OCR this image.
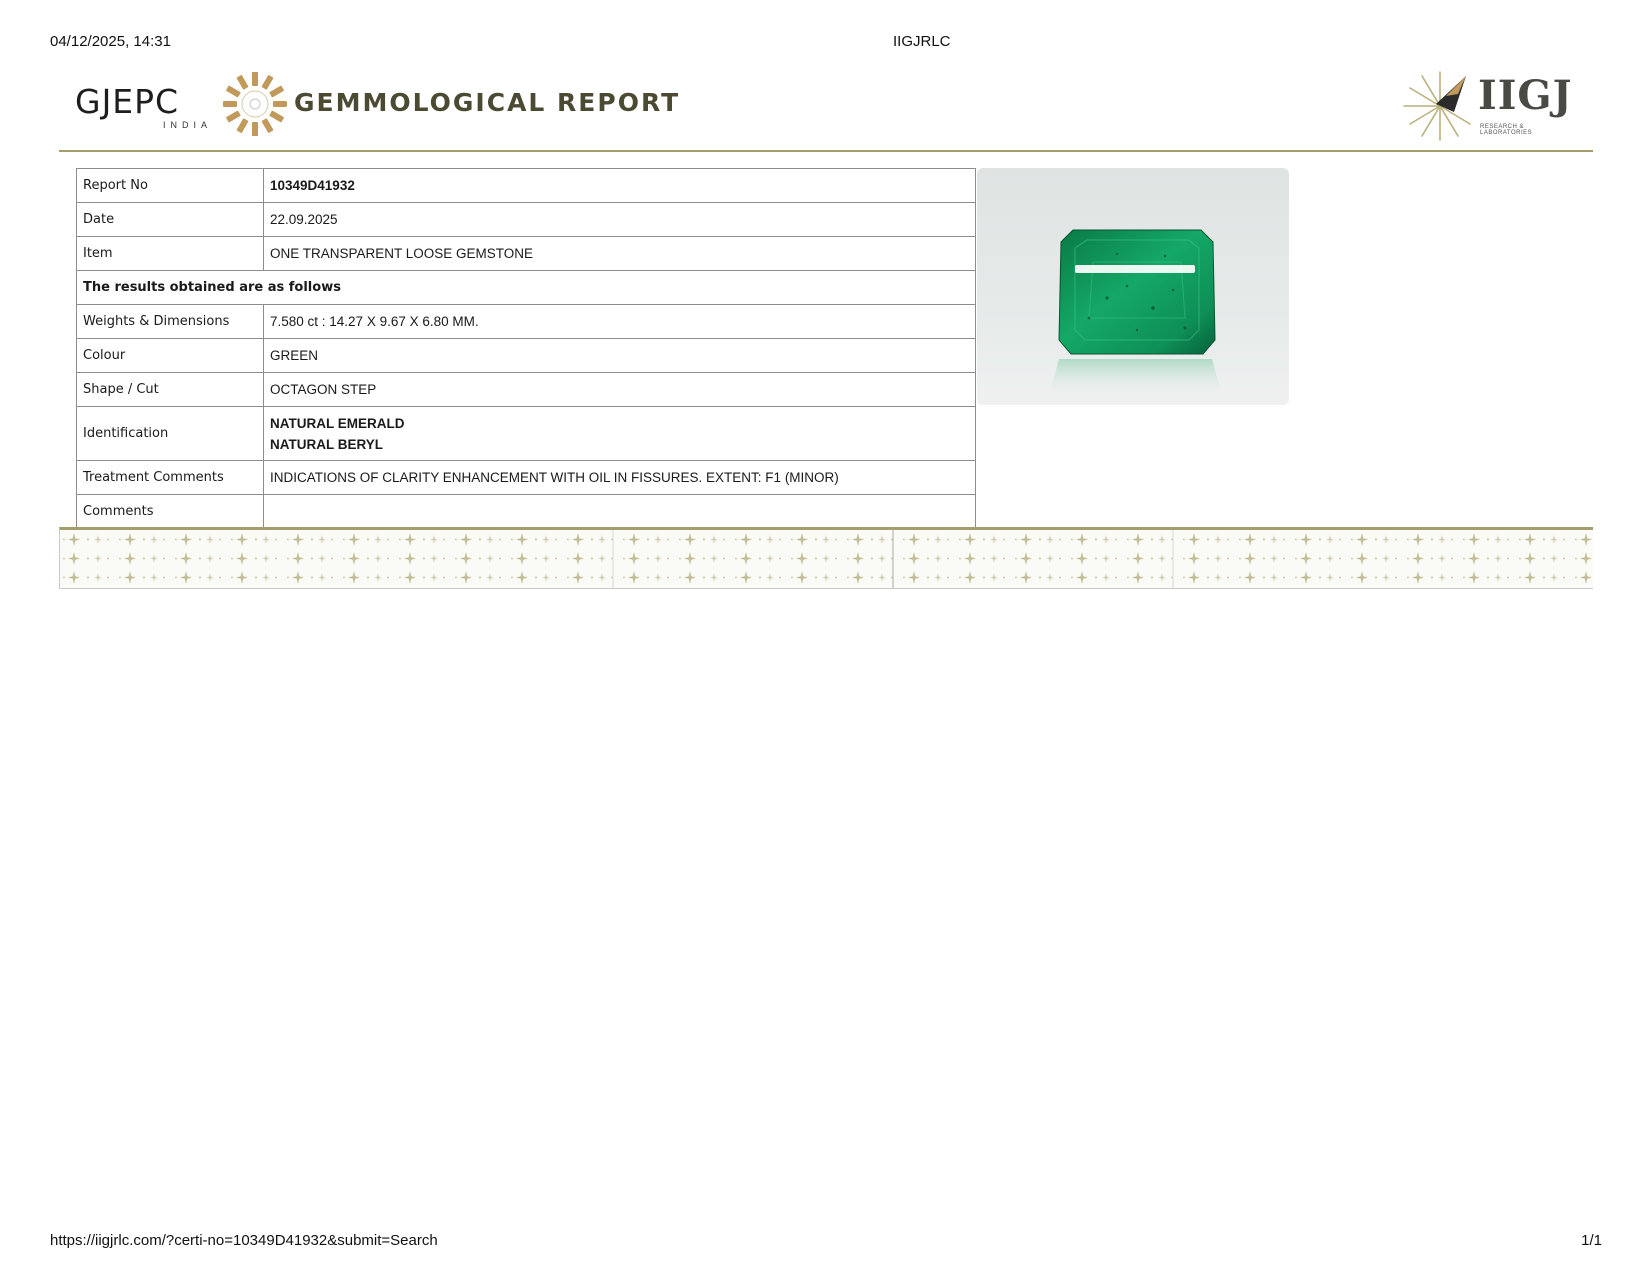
04/12/2025, 14:31	IIGJRLC
GJEPC
INDIA
GEMMOLOGICAL REPORT	IIGJ
RESEARCH & LABORATORIES
Report No	10349D41932
Date	22.09.2025
Item	ONE TRANSPARENT LOOSE GEMSTONE
The results obtained are as follows	
Weights & Dimensions	7.580 ct : 14.27 X 9.67 X 6.80 MM.
Colour	GREEN
Shape / Cut	OCTAGON STEP
Identification	NATURAL EMERALD
NATURAL BERYL

Treatment Comments	INDICATIONS OF CLARITY ENHANCEMENT WITH OIL IN FISSURES. EXTENT: F1 (MINOR)
Comments	
https://iigjrlc.com/?certi-no=10349D41932&submit=Search	1/1
